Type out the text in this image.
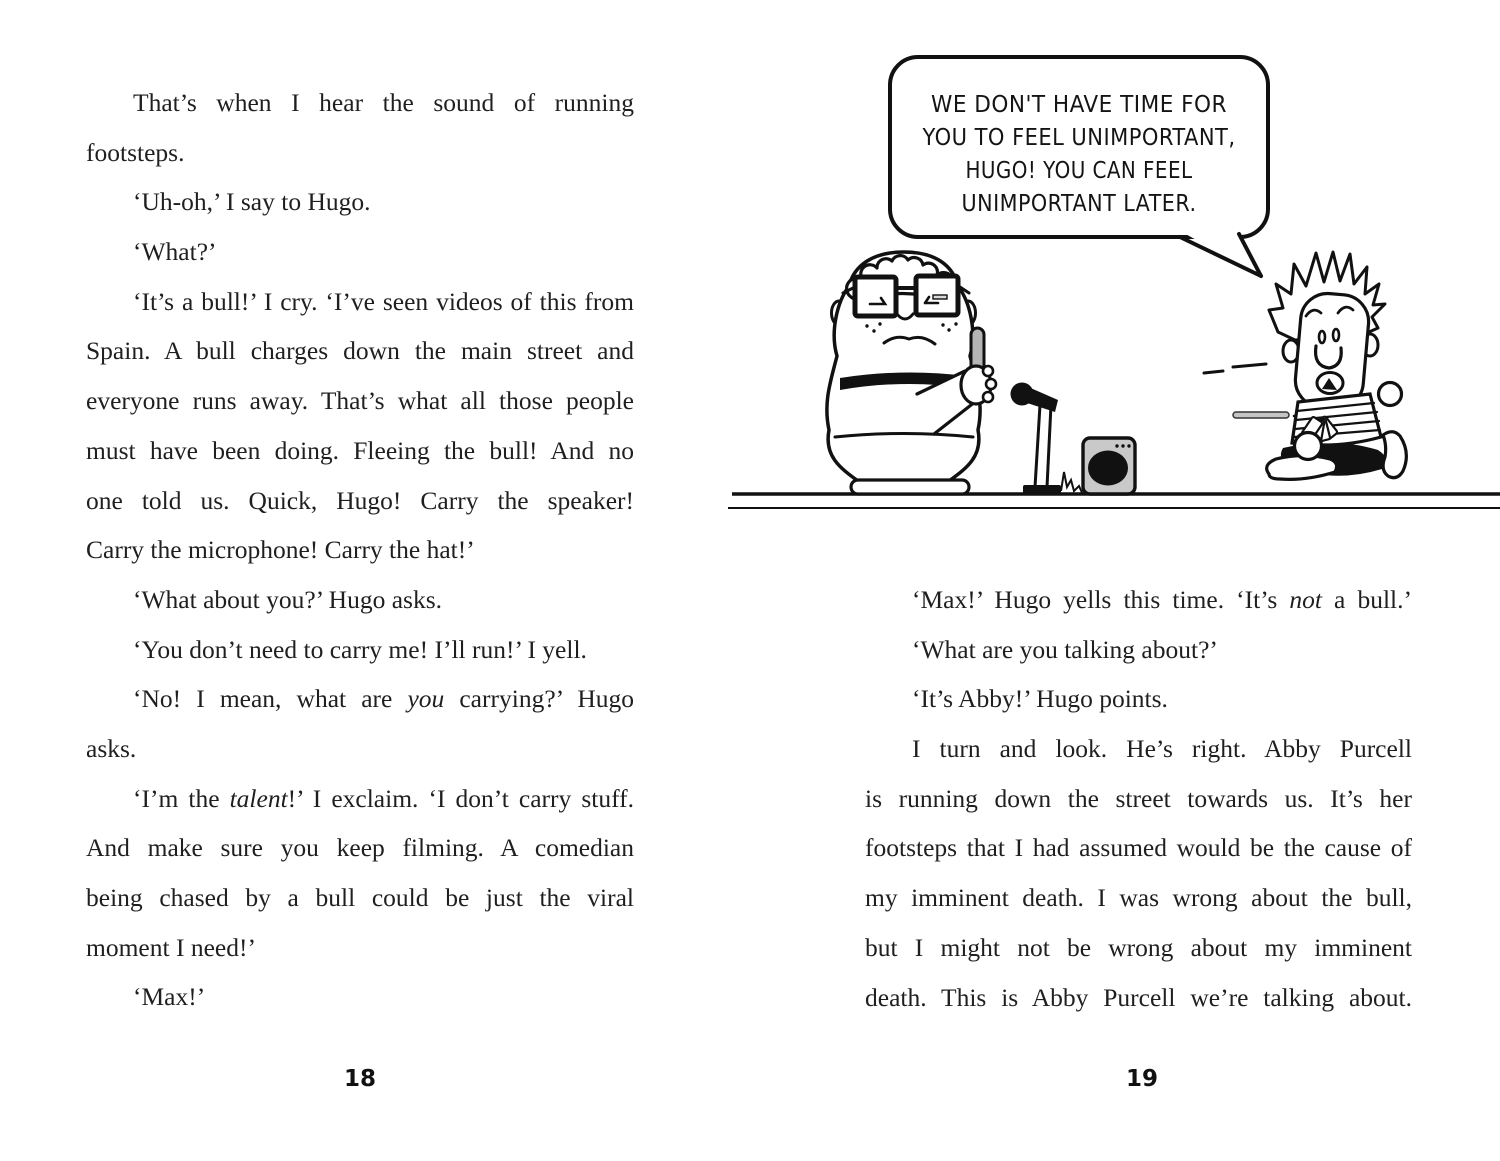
That’s when I hear the sound of running
footsteps.
‘Uh-oh,’ I say to Hugo.
‘What?’
‘It’s a bull!’ I cry. ‘I’ve seen videos of this from
Spain. A bull charges down the main street and
everyone runs away. That’s what all those people
must have been doing. Fleeing the bull! And no
one told us. Quick, Hugo! Carry the speaker!
Carry the microphone! Carry the hat!’
‘What about you?’ Hugo asks.
‘You don’t need to carry me! I’ll run!’ I yell.
‘No! I mean, what are you carrying?’ Hugo
asks.
‘I’m the talent!’ I exclaim. ‘I don’t carry stuff.
And make sure you keep filming. A comedian
being chased by a bull could be just the viral
moment I need!’
‘Max!’
‘Max!’ Hugo yells this time. ‘It’s not a bull.’
‘What are you talking about?’
‘It’s Abby!’ Hugo points.
I turn and look. He’s right. Abby Purcell
is running down the street towards us. It’s her
footsteps that I had assumed would be the cause of
my imminent death. I was wrong about the bull,
but I might not be wrong about my imminent
death. This is Abby Purcell we’re talking about.
18	19
WE DON'T HAVE TIME FOR
YOU TO FEEL UNIMPORTANT,
HUGO! YOU CAN FEEL
UNIMPORTANT LATER.
